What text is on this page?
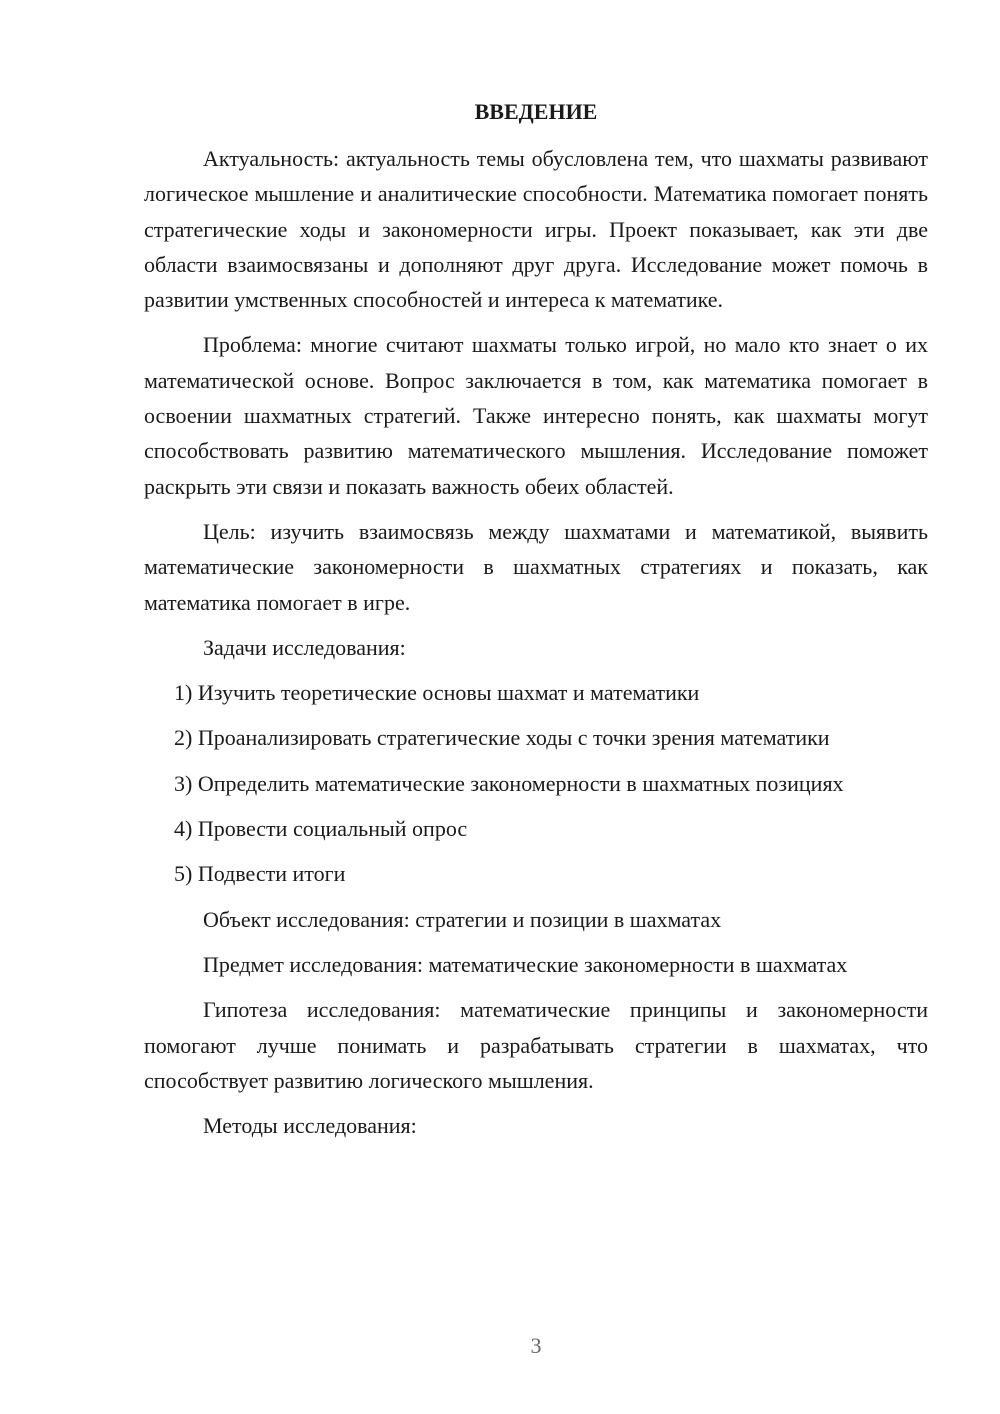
ВВЕДЕНИЕ

Актуальность: актуальность темы обусловлена тем, что шахматы развивают логическое мышление и аналитические способности. Математика помогает понять стратегические ходы и закономерности игры. Проект показывает, как эти две области взаимосвязаны и дополняют друг друга. Исследование может помочь в развитии умственных способностей и интереса к математике.

Проблема: многие считают шахматы только игрой, но мало кто знает о их математической основе. Вопрос заключается в том, как математика помогает в освоении шахматных стратегий. Также интересно понять, как шахматы могут способствовать развитию математического мышления. Исследование поможет раскрыть эти связи и показать важность обеих областей.

Цель: изучить взаимосвязь между шахматами и математикой, выявить математические закономерности в шахматных стратегиях и показать, как математика помогает в игре.

Задачи исследования:

1) Изучить теоретические основы шахмат и математики

2) Проанализировать стратегические ходы с точки зрения математики

3) Определить математические закономерности в шахматных позициях

4) Провести социальный опрос

5) Подвести итоги

Объект исследования: стратегии и позиции в шахматах

Предмет исследования: математические закономерности в шахматах

Гипотеза исследования: математические принципы и закономерности помогают лучше понимать и разрабатывать стратегии в шахматах, что способствует развитию логического мышления.

Методы исследования:

3
